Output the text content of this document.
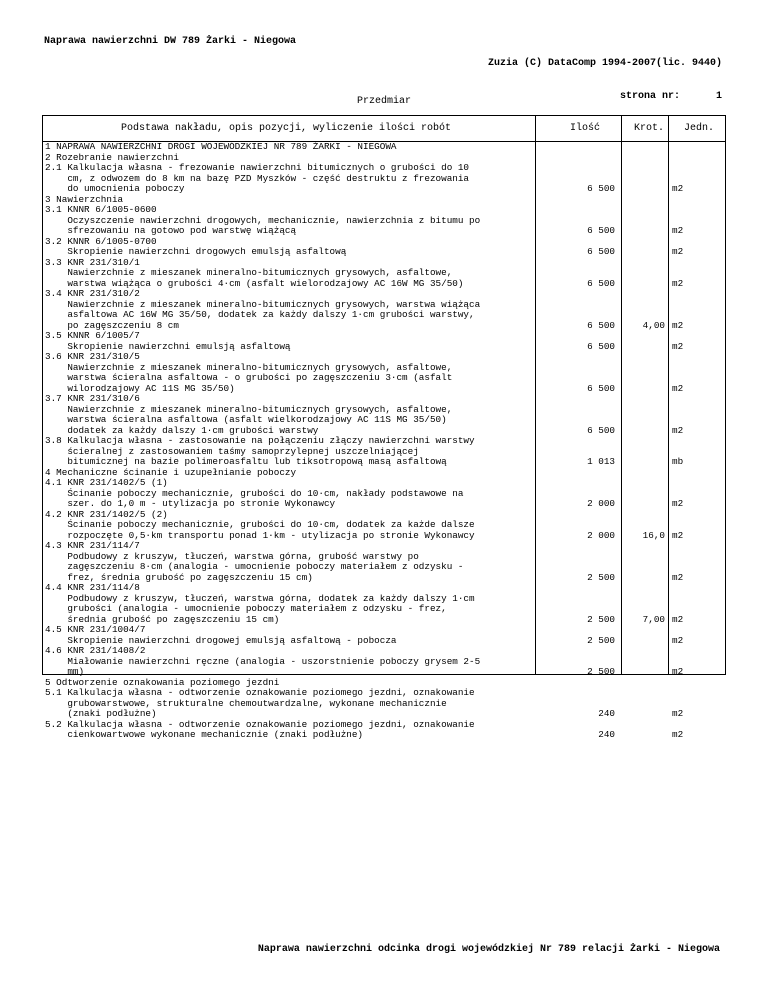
Naprawa nawierzchni DW 789 Żarki - Niegowa

Zuzia (C) DataComp 1994-2007(lic. 9440)

strona nr:      1

Przedmiar
Podstawa nakładu, opis pozycji, wyliczenie ilości robót	Ilość	Krot. Jedn.
1 NAPRAWA NAWIERZCHNI DROGI WOJEWÓDZKIEJ NR 789 ŻARKI - NIEGOWA
2 Rozebranie nawierzchni
2.1 Kalkulacja własna - frezowanie nawierzchni bitumicznych o grubości do 10
cm, z odwozem do 8 km na bazę PZD Myszków - część destruktu z frezowania
do umocnienia poboczy	6 500	m2
3 Nawierzchnia
3.1 KNNR 6/1005-0600
Oczyszczenie nawierzchni drogowych, mechanicznie, nawierzchnia z bitumu po
sfrezowaniu na gotowo pod warstwę wiążącą	6 500	m2
3.2 KNNR 6/1005-0700
Skropienie nawierzchni drogowych emulsją asfaltową	6 500	m2
3.3 KNR 231/310/1
Nawierzchnie z mieszanek mineralno-bitumicznych grysowych, asfaltowe,
warstwa wiążąca o grubości 4·cm (asfalt wielorodzajowy AC 16W MG 35/50)	6 500	m2
3.4 KNR 231/310/2
Nawierzchnie z mieszanek mineralno-bitumicznych grysowych, warstwa wiążąca
asfaltowa AC 16W MG 35/50, dodatek za każdy dalszy 1·cm grubości warstwy,
po zagęszczeniu 8 cm	6 500	4,00 m2
3.5 KNNR 6/1005/7
Skropienie nawierzchni emulsją asfaltową	6 500	m2
3.6 KNR 231/310/5
Nawierzchnie z mieszanek mineralno-bitumicznych grysowych, asfaltowe,
warstwa ścieralna asfaltowa - o grubości po zagęszczeniu 3·cm (asfalt
wilorodzajowy AC 11S MG 35/50)	6 500	m2
3.7 KNR 231/310/6
Nawierzchnie z mieszanek mineralno-bitumicznych grysowych, asfaltowe,
warstwa ścieralna asfaltowa (asfalt wielkorodzajowy AC 11S MG 35/50)
dodatek za każdy dalszy 1·cm grubości warstwy	6 500	m2
3.8 Kalkulacja własna - zastosowanie na połączeniu złączy nawierzchni warstwy
ścieralnej z zastosowaniem taśmy samoprzylepnej uszczelniającej
bitumicznej na bazie polimeroasfaltu lub tiksotropową masą asfaltową	1 013	mb
4 Mechaniczne ścinanie i uzupełnianie poboczy
4.1 KNR 231/1402/5 (1)
Ścinanie poboczy mechanicznie, grubości do 10·cm, nakłady podstawowe na
szer. do 1,0 m - utylizacja po stronie Wykonawcy	2 000	m2
4.2 KNR 231/1402/5 (2)
Ścinanie poboczy mechanicznie, grubości do 10·cm, dodatek za każde dalsze
rozpoczęte 0,5·km transportu ponad 1·km - utylizacja po stronie Wykonawcy	2 000	16,0 m2
4.3 KNR 231/114/7
Podbudowy z kruszyw, tłuczeń, warstwa górna, grubość warstwy po
zagęszczeniu 8·cm (analogia - umocnienie poboczy materiałem z odzysku -
frez, średnia grubość po zagęszczeniu 15 cm)	2 500	m2
4.4 KNR 231/114/8
Podbudowy z kruszyw, tłuczeń, warstwa górna, dodatek za każdy dalszy 1·cm
grubości (analogia - umocnienie poboczy materiałem z odzysku - frez,
średnia grubość po zagęszczeniu 15 cm)	2 500	7,00 m2
4.5 KNR 231/1004/7
Skropienie nawierzchni drogowej emulsją asfaltową - pobocza	2 500	m2
4.6 KNR 231/1408/2
Miałowanie nawierzchni ręczne (analogia - uszorstnienie poboczy grysem 2-5
mm)	2 500	m2
5 Odtworzenie oznakowania poziomego jezdni
5.1 Kalkulacja własna - odtworzenie oznakowanie poziomego jezdni, oznakowanie
grubowarstwowe, strukturalne chemoutwardzalne, wykonane mechanicznie
(znaki podłużne)	240	m2
5.2 Kalkulacja własna - odtworzenie oznakowanie poziomego jezdni, oznakowanie
cienkowartwowe wykonane mechanicznie (znaki podłużne)	240	m2
Naprawa nawierzchni odcinka drogi wojewódzkiej Nr 789 relacji Żarki - Niegowa
